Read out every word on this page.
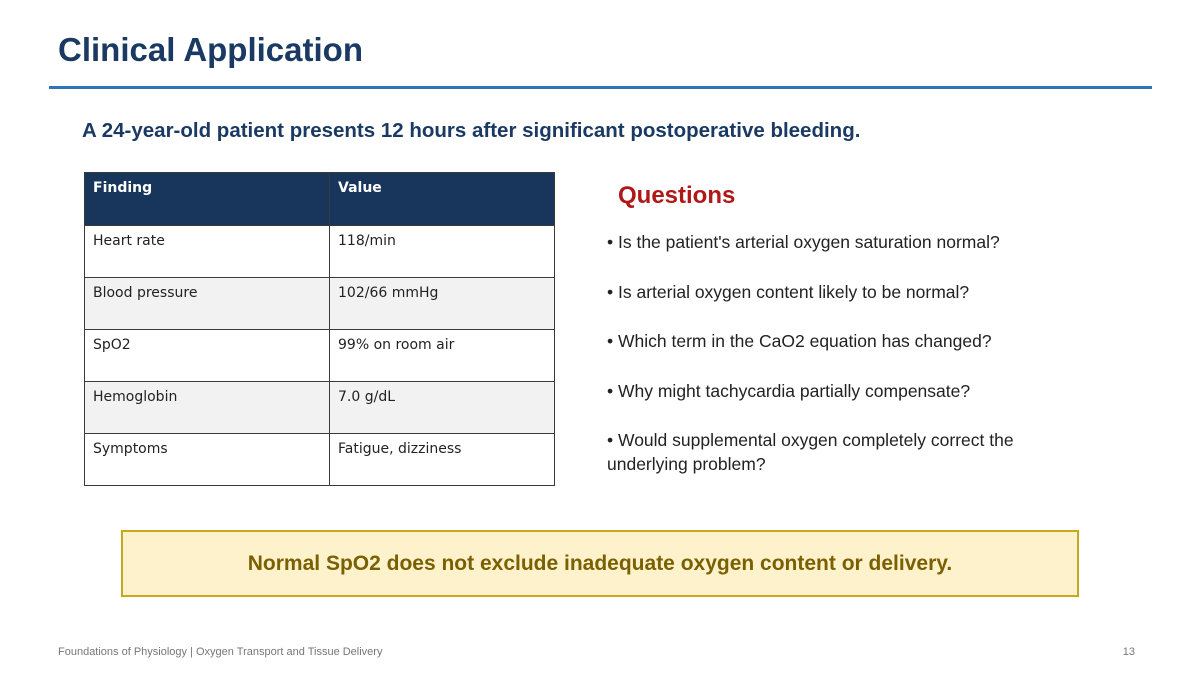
Clinical Application

A 24-year-old patient presents 12 hours after significant postoperative bleeding.

Finding	Value
Heart rate	118/min
Blood pressure	102/66 mmHg
SpO2	99% on room air
Hemoglobin	7.0 g/dL
Symptoms	Fatigue, dizziness
Questions
• Is the patient's arterial oxygen saturation normal?
• Is arterial oxygen content likely to be normal?
• Which term in the CaO2 equation has changed?
• Why might tachycardia partially compensate?
• Would supplemental oxygen completely correct the underlying problem?
Normal SpO2 does not exclude inadequate oxygen content or delivery.
Foundations of Physiology | Oxygen Transport and Tissue Delivery	13
